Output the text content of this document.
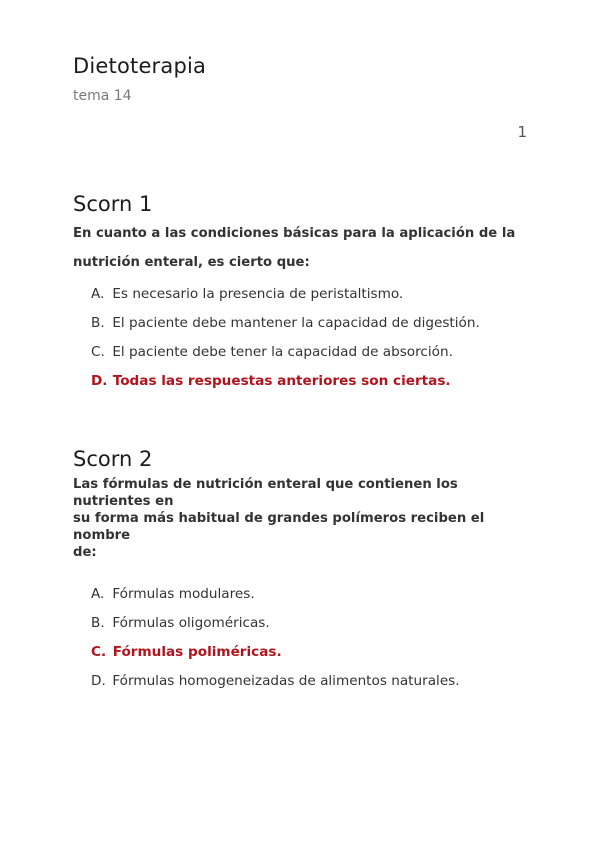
Dietoterapia
tema 14
1
Scorn 1

En cuanto a las condiciones básicas para la aplicación de la
nutrición enteral, es cierto que:

A. Es necesario la presencia de peristaltismo.
B. El paciente debe mantener la capacidad de digestión.
C. El paciente debe tener la capacidad de absorción.
D. Todas las respuestas anteriores son ciertas.
Scorn 2

Las fórmulas de nutrición enteral que contienen los nutrientes en
su forma más habitual de grandes polímeros reciben el nombre
de:

A. Fórmulas modulares.
B. Fórmulas oligoméricas.
C. Fórmulas poliméricas.
D. Fórmulas homogeneizadas de alimentos naturales.
